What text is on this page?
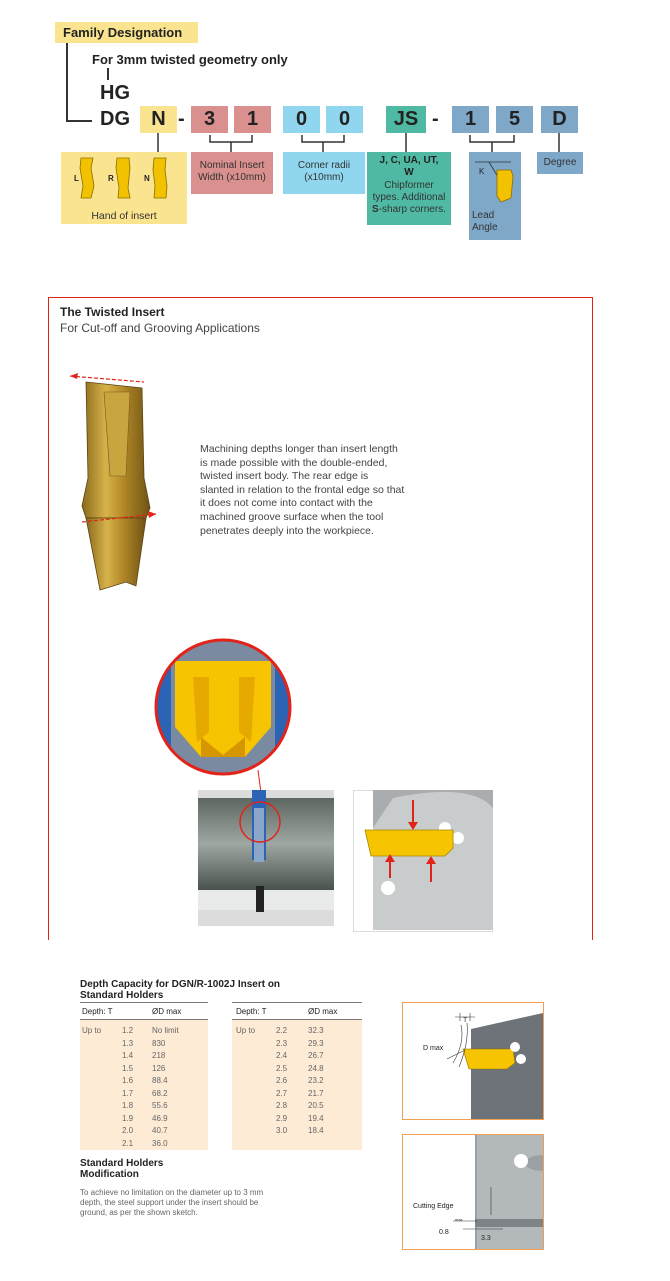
Family Designation
For 3mm twisted geometry only
HG
DG	N - 3	1	0	0	JS -	1	5	D
L	R	N
Hand of insert
Nominal Insert Width (x10mm)
Corner radii (x10mm)
J, C, UA, UT, W
Chipformer
types. Additional
S-sharp corners.
K
Lead Angle
Degree
The Twisted Insert
For Cut-off and Grooving Applications
Machining depths longer than insert length is made possible with the double-ended, twisted insert body. The rear edge is slanted in relation to the frontal edge so that it does not come into contact with the machined groove surface when the tool penetrates deeply into the workpiece.
Depth Capacity for DGN/R-1002J Insert on Standard Holders
Depth: T	ØD max
Up to	1.2 No limit
1.3 830
1.4 218
1.5 126
1.6 88.4
1.7 68.2
1.8 55.6
1.9 46.9
2.0 40.7
2.1 36.0
Depth: T	ØD max
Up to	2.2	32.3
2.3	29.3
2.4	26.7
2.5	24.8
2.6	23.2
2.7	21.7
2.8	20.5
2.9	19.4
3.0	18.4
Standard Holders Modification
To achieve no limitation on the diameter up to 3 mm depth, the steel support under the insert should be ground, as per the shown sketch.
T
D max
Cutting Edge
max
0.8
3.3
